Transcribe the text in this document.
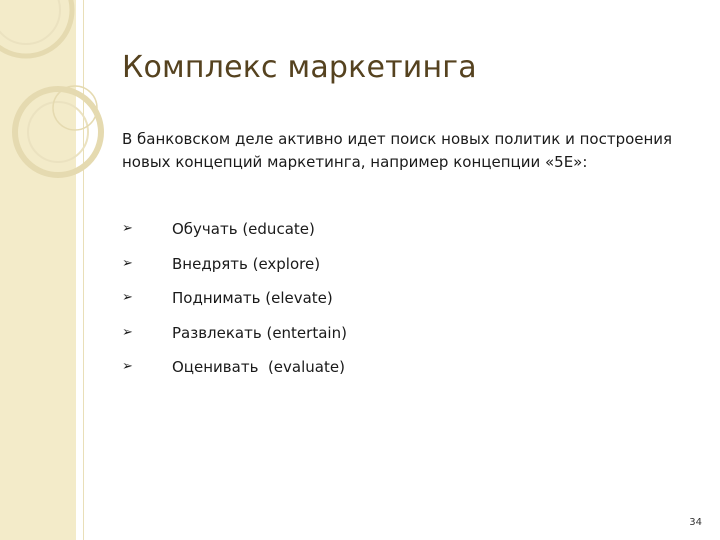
Комплекс маркетинга

В банковском деле активно идет поиск новых политик и построения новых концепций маркетинга, например концепции «5Е»:

➢

	Обучать (educate)

➢

	Внедрять (explore)

➢

	Поднимать (elevate)

➢

	Развлекать (entertain)

➢

	Оценивать  (evaluate)

34
